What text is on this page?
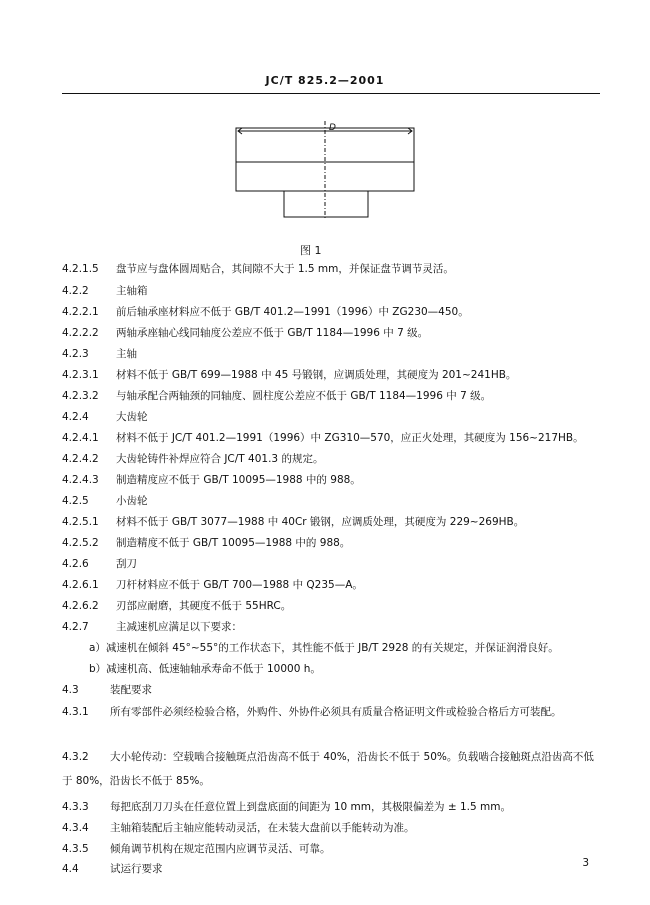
JC/T 825.2—2001
D
图 1
4.2.1.5 盘节应与盘体圆周贴合，其间隙不大于 1.5 mm，并保证盘节调节灵活。
4.2.2	主轴箱
4.2.2.1 前后轴承座材料应不低于 GB/T 401.2—1991（1996）中 ZG230—450。
4.2.2.2 两轴承座轴心线同轴度公差应不低于 GB/T 1184—1996 中 7 级。
4.2.3	主轴
4.2.3.1 材料不低于 GB/T 699—1988 中 45 号锻钢，应调质处理，其硬度为 201~241HB。
4.2.3.2 与轴承配合两轴颈的同轴度、圆柱度公差应不低于 GB/T 1184—1996 中 7 级。
4.2.4	大齿轮
4.2.4.1 材料不低于 JC/T 401.2—1991（1996）中 ZG310—570，应正火处理，其硬度为 156~217HB。
4.2.4.2 大齿轮铸件补焊应符合 JC/T 401.3 的规定。
4.2.4.3 制造精度应不低于 GB/T 10095—1988 中的 988。
4.2.5	小齿轮
4.2.5.1 材料不低于 GB/T 3077—1988 中 40Cr 锻钢，应调质处理，其硬度为 229~269HB。
4.2.5.2 制造精度不低于 GB/T 10095—1988 中的 988。
4.2.6	刮刀
4.2.6.1 刀杆材料应不低于 GB/T 700—1988 中 Q235—A。
4.2.6.2 刃部应耐磨，其硬度不低于 55HRC。
4.2.7	主减速机应满足以下要求：
a）减速机在倾斜 45°~55°的工作状态下，其性能不低于 JB/T 2928 的有关规定，并保证润滑良好。
b）减速机高、低速轴轴承寿命不低于 10000 h。
4.3	装配要求
4.3.1 所有零部件必须经检验合格，外购件、外协件必须具有质量合格证明文件或检验合格后方可装配。
4.3.2 大小轮传动：空载啮合接触斑点沿齿高不低于 40%，沿齿长不低于 50%。负载啮合接触斑点沿齿高不低于 80%，沿齿长不低于 85%。
4.3.3 每把底刮刀刀头在任意位置上到盘底面的间距为 10 mm，其极限偏差为 ± 1.5 mm。
4.3.4 主轴箱装配后主轴应能转动灵活，在未装大盘前以手能转动为准。
4.3.5 倾角调节机构在规定范围内应调节灵活、可靠。
4.4	试运行要求	3
